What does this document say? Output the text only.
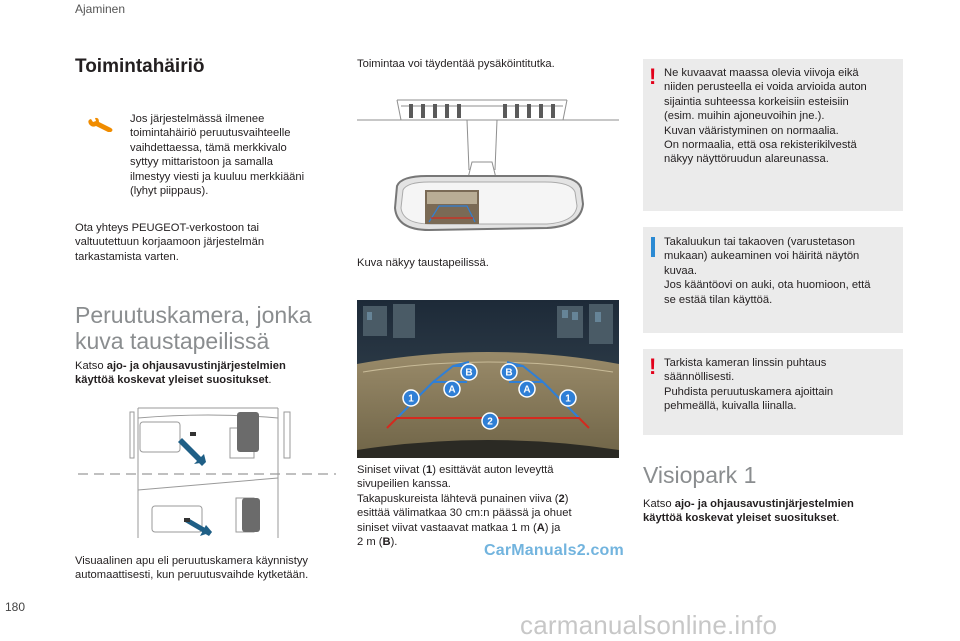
Ajaminen
Toimintahäiriö
Jos järjestelmässä ilmenee
toimintahäiriö peruutusvaihteelle
vaihdettaessa, tämä merkkivalo
syttyy mittaristoon ja samalla
ilmestyy viesti ja kuuluu merkkiääni
(lyhyt piippaus).
Ota yhteys PEUGEOT-verkostoon tai
valtuutettuun korjaamoon järjestelmän
tarkastamista varten.
Peruutuskamera, jonka
kuva taustapeilissä
Katso ajo- ja ohjausavustinjärjestelmien
käyttöä koskevat yleiset suositukset.
Visuaalinen apu eli peruutuskamera käynnistyy
automaattisesti, kun peruutusvaihde kytketään.
Toimintaa voi täydentää pysäköintitutka.
Kuva näkyy taustapeilissä.
1	1
A	A
B	B
2
Siniset viivat (1) esittävät auton leveyttä
sivupeilien kanssa.
Takapuskureista lähtevä punainen viiva (2)
esittää välimatkaa 30 cm:n päässä ja ohuet
siniset viivat vastaavat matkaa 1 m (A) ja
2 m (B).
! Ne kuvaavat maassa olevia viivoja eikä
niiden perusteella ei voida arvioida auton
sijaintia suhteessa korkeisiin esteisiin
(esim. muihin ajoneuvoihin jne.).
Kuvan vääristyminen on normaalia.
On normaalia, että osa rekisterikilvestä
näkyy näyttöruudun alareunassa.
Takaluukun tai takaoven (varustetason
mukaan) aukeaminen voi häiritä näytön
kuvaa.
Jos kääntöovi on auki, ota huomioon, että
se estää tilan käyttöä.
! Tarkista kameran linssin puhtaus
säännöllisesti.
Puhdista peruutuskamera ajoittain
pehmeällä, kuivalla liinalla.
Visiopark 1
Katso ajo- ja ohjausavustinjärjestelmien
käyttöä koskevat yleiset suositukset.
CarManuals2.com
carmanualsonline.info
180
